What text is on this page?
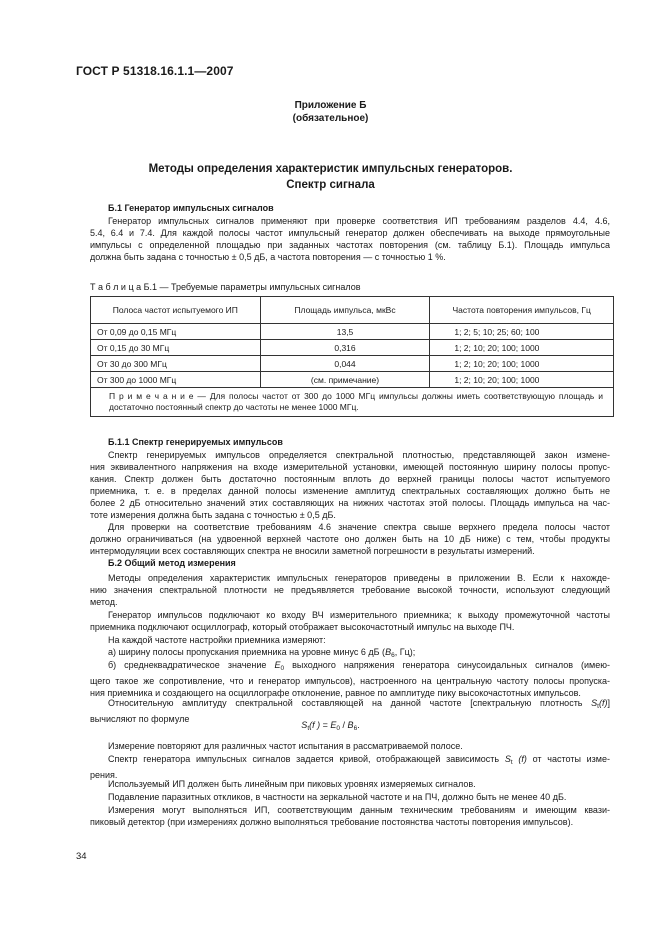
ГОСТ Р 51318.16.1.1—2007
Приложение Б
(обязательное)
Методы определения характеристик импульсных генераторов.
Спектр сигнала
Б.1 Генератор импульсных сигналов

Генератор импульсных сигналов применяют при проверке соответствия ИП требованиям разделов 4.4, 4.6,

5.4, 6.4 и 7.4. Для каждой полосы частот импульсный генератор должен обеспечивать на выходе прямоугольные

импульсы с определенной площадью при заданных частотах повторения (см. таблицу Б.1). Площадь импульса

должна быть задана с точностью ± 0,5 дБ, а частота повторения — с точностью 1 %.

Т а б л и ц а Б.1 — Требуемые параметры импульсных сигналов
Полоса частот испытуемого ИП	Площадь импульса, мкВс	Частота повторения импульсов, Гц
От 0,09 до 0,15 МГц	13,5	1; 2; 5; 10; 25; 60; 100
От 0,15 до 30 МГц	0,316	1; 2; 10; 20; 100; 1000
От 30 до 300 МГц	0,044	1; 2; 10; 20; 100; 1000
От 300 до 1000 МГц	(см. примечание)	1; 2; 10; 20; 100; 1000
П р и м е ч а н и е — Для полосы частот от 300 до 1000 МГц импульсы должны иметь соответствующую площадь и достаточно постоянный спектр до частоты не менее 1000 МГц.		
Б.1.1 Спектр генерируемых импульсов

Спектр генерируемых импульсов определяется спектральной плотностью, представляющей закон измене-

ния эквивалентного напряжения на входе измерительной установки, имеющей постоянную ширину полосы пропус-

кания. Спектр должен быть достаточно постоянным вплоть до верхней границы полосы частот испытуемого

приемника, т. е. в пределах данной полосы изменение амплитуд спектральных составляющих должно быть не

более 2 дБ относительно значений этих составляющих на нижних частотах этой полосы. Площадь импульса на час-

тоте измерения должна быть задана с точностью ± 0,5 дБ.

Для проверки на соответствие требованиям 4.6 значение спектра свыше верхнего предела полосы частот

должно ограничиваться (на удвоенной верхней частоте оно должен быть на 10 дБ ниже) с тем, чтобы продукты

интермодуляции всех составляющих спектра не вносили заметной погрешности в результаты измерений.

Б.2 Общий метод измерения

Методы определения характеристик импульсных генераторов приведены в приложении В. Если к нахожде-

нию значения спектральной плотности не предъявляется требование высокой точности, используют следующий

метод.

Генератор импульсов подключают ко входу ВЧ измерительного приемника; к выходу промежуточной частоты

приемника подключают осциллограф, который отображает высокочастотный импульс на выходе ПЧ.

На каждой частоте настройки приемника измеряют:

а) ширину полосы пропускания приемника на уровне минус 6 дБ ($B_6$, Гц);

б) среднеквадратическое значение $E_0$ выходного напряжения генератора синусоидальных сигналов (имею-

щего такое же сопротивление, что и генератор импульсов), настроенного на центральную частоту полосы пропуска-

ния приемника и создающего на осциллографе отклонение, равное по амплитуде пику высокочастотных импульсов.

Относительную амплитуду спектральной составляющей на данной частоте [спектральную плотность $S_t(f)$]

вычисляют по формуле

$S_t(f$ ) = $E_0 / B_6$.

Измерение повторяют для различных частот испытания в рассматриваемой полосе.

Спектр генератора импульсных сигналов задается кривой, отображающей зависимость $S_t$ (f) от частоты изме-

рения.

Используемый ИП должен быть линейным при пиковых уровнях измеряемых сигналов.

Подавление паразитных откликов, в частности на зеркальной частоте и на ПЧ, должно быть не менее 40 дБ.

Измерения могут выполняться ИП, соответствующим данным техническим требованиям и имеющим квази-

пиковый детектор (при измерениях должно выполняться требование постоянства частоты повторения импульсов).

34
